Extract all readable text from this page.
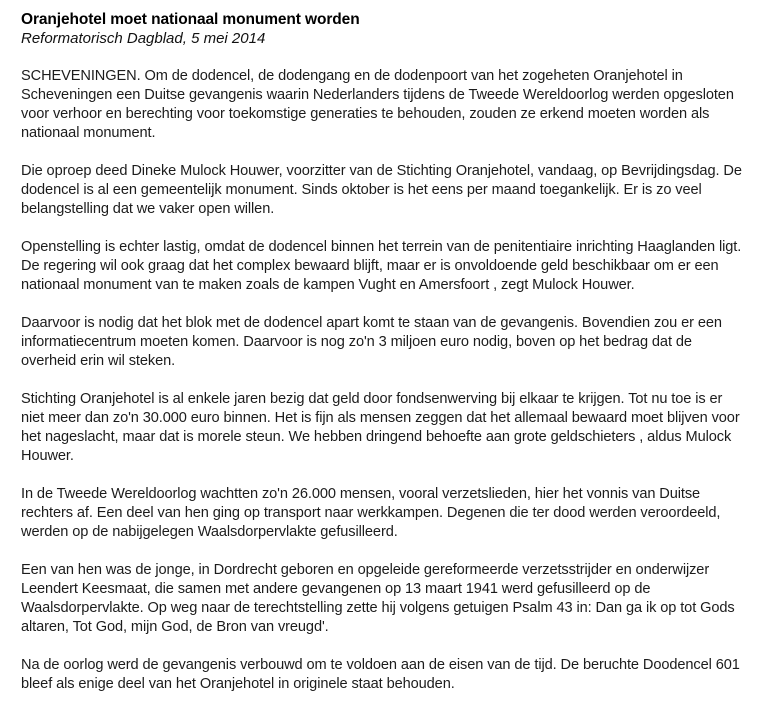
Oranjehotel moet nationaal monument worden

Reformatorisch Dagblad, 5 mei 2014

SCHEVENINGEN. Om de dodencel, de dodengang en de dodenpoort van het zogeheten Oranjehotel in Scheveningen een Duitse gevangenis waarin Nederlanders tijdens de Tweede Wereldoorlog werden opgesloten voor verhoor en berechting voor toekomstige generaties te behouden, zouden ze erkend moeten worden als nationaal monument.

Die oproep deed Dineke Mulock Houwer, voorzitter van de Stichting Oranjehotel, vandaag, op Bevrijdingsdag. De dodencel is al een gemeentelijk monument. Sinds oktober is het eens per maand toegankelijk. Er is zo veel belangstelling dat we vaker open willen.

Openstelling is echter lastig, omdat de dodencel binnen het terrein van de penitentiaire inrichting Haaglanden ligt. De regering wil ook graag dat het complex bewaard blijft, maar er is onvoldoende geld beschikbaar om er een nationaal monument van te maken zoals de kampen Vught en Amersfoort , zegt Mulock Houwer.

Daarvoor is nodig dat het blok met de dodencel apart komt te staan van de gevangenis. Bovendien zou er een informatiecentrum moeten komen. Daarvoor is nog zo'n 3 miljoen euro nodig, boven op het bedrag dat de overheid erin wil steken.

Stichting Oranjehotel is al enkele jaren bezig dat geld door fondsenwerving bij elkaar te krijgen. Tot nu toe is er niet meer dan zo'n 30.000 euro binnen. Het is fijn als mensen zeggen dat het allemaal bewaard moet blijven voor het nageslacht, maar dat is morele steun. We hebben dringend behoefte aan grote geldschieters , aldus Mulock Houwer.

In de Tweede Wereldoorlog wachtten zo'n 26.000 mensen, vooral verzetslieden, hier het vonnis van Duitse rechters af. Een deel van hen ging op transport naar werkkampen. Degenen die ter dood werden veroordeeld, werden op de nabijgelegen Waalsdorpervlakte gefusilleerd.

Een van hen was de jonge, in Dordrecht geboren en opgeleide gereformeerde verzetsstrijder en onderwijzer Leendert Keesmaat, die samen met andere gevangenen op 13 maart 1941 werd gefusilleerd op de Waalsdorpervlakte. Op weg naar de terechtstelling zette hij volgens getuigen Psalm 43 in: Dan ga ik op tot Gods altaren, Tot God, mijn God, de Bron van vreugd'.

Na de oorlog werd de gevangenis verbouwd om te voldoen aan de eisen van de tijd. De beruchte Doodencel 601 bleef als enige deel van het Oranjehotel in originele staat behouden.
